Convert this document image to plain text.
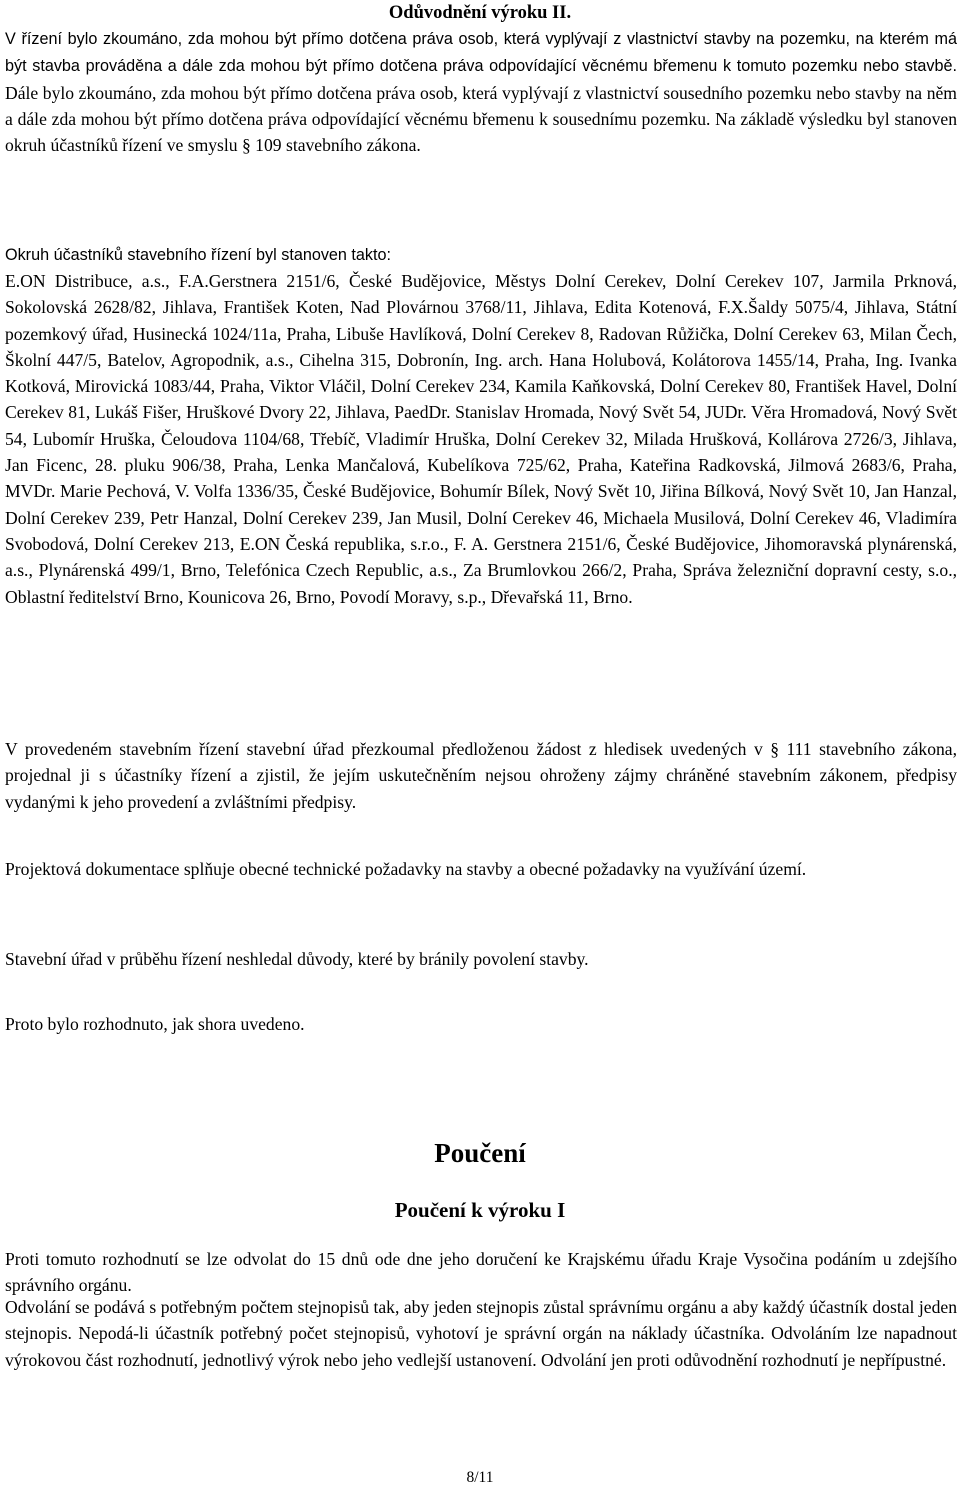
Odůvodnění výroku II.

V řízení bylo zkoumáno, zda mohou být přímo dotčena práva osob, která vyplývají z vlastnictví stavby na pozemku, na kterém má být stavba prováděna a dále zda mohou být přímo dotčena práva odpovídající věcnému břemenu k tomuto pozemku nebo stavbě. Dále bylo zkoumáno, zda mohou být přímo dotčena práva osob, která vyplývají z vlastnictví sousedního pozemku nebo stavby na něm a dále zda mohou být přímo dotčena práva odpovídající věcnému břemenu k sousednímu pozemku. Na základě výsledku byl stanoven okruh účastníků řízení ve smyslu § 109 stavebního zákona.

Okruh účastníků stavebního řízení byl stanoven takto:

E.ON Distribuce, a.s., F.A.Gerstnera 2151/6, České Budějovice, Městys Dolní Cerekev, Dolní Cerekev 107, Jarmila Prknová, Sokolovská 2628/82, Jihlava, František Koten, Nad Plovárnou 3768/11, Jihlava, Edita Kotenová, F.X.Šaldy 5075/4, Jihlava, Státní pozemkový úřad, Husinecká 1024/11a, Praha, Libuše Havlíková, Dolní Cerekev 8, Radovan Růžička, Dolní Cerekev 63, Milan Čech, Školní 447/5, Batelov, Agropodnik, a.s., Cihelna 315, Dobronín, Ing. arch. Hana Holubová, Kolátorova 1455/14, Praha, Ing. Ivanka Kotková, Mirovická 1083/44, Praha, Viktor Vláčil, Dolní Cerekev 234, Kamila Kaňkovská, Dolní Cerekev 80, František Havel, Dolní Cerekev 81, Lukáš Fišer, Hruškové Dvory 22, Jihlava, PaedDr. Stanislav Hromada, Nový Svět 54, JUDr. Věra Hromadová, Nový Svět 54, Lubomír Hruška, Čeloudova 1104/68, Třebíč, Vladimír Hruška, Dolní Cerekev 32, Milada Hrušková, Kollárova 2726/3, Jihlava, Jan Ficenc, 28. pluku 906/38, Praha, Lenka Mančalová, Kubelíkova 725/62, Praha, Kateřina Radkovská, Jilmová 2683/6, Praha, MVDr. Marie Pechová, V. Volfa 1336/35, České Budějovice, Bohumír Bílek, Nový Svět 10, Jiřina Bílková, Nový Svět 10, Jan Hanzal, Dolní Cerekev 239, Petr Hanzal, Dolní Cerekev 239, Jan Musil, Dolní Cerekev 46, Michaela Musilová, Dolní Cerekev 46, Vladimíra Svobodová, Dolní Cerekev 213, E.ON Česká republika, s.r.o., F. A. Gerstnera 2151/6, České Budějovice, Jihomoravská plynárenská, a.s., Plynárenská 499/1, Brno, Telefónica Czech Republic, a.s., Za Brumlovkou 266/2, Praha, Správa železniční dopravní cesty, s.o., Oblastní ředitelství Brno, Kounicova 26, Brno, Povodí Moravy, s.p., Dřevařská 11, Brno.

V provedeném stavebním řízení stavební úřad přezkoumal předloženou žádost z hledisek uvedených v § 111 stavebního zákona, projednal ji s účastníky řízení a zjistil, že jejím uskutečněním nejsou ohroženy zájmy chráněné stavebním zákonem, předpisy vydanými k jeho provedení a zvláštními předpisy.

Projektová dokumentace splňuje obecné technické požadavky na stavby a obecné požadavky na využívání území.

Stavební úřad v průběhu řízení neshledal důvody, které by bránily povolení stavby.

Proto bylo rozhodnuto, jak shora uvedeno.

Poučení
Poučení k výroku I

Proti tomuto rozhodnutí se lze odvolat do 15 dnů ode dne jeho doručení ke Krajskému úřadu Kraje Vysočina podáním u zdejšího správního orgánu.

Odvolání se podává s potřebným počtem stejnopisů tak, aby jeden stejnopis zůstal správnímu orgánu a aby každý účastník dostal jeden stejnopis. Nepodá-li účastník potřebný počet stejnopisů, vyhotoví je správní orgán na náklady účastníka. Odvoláním lze napadnout výrokovou část rozhodnutí, jednotlivý výrok nebo jeho vedlejší ustanovení. Odvolání jen proti odůvodnění rozhodnutí je nepřípustné.

8/11
